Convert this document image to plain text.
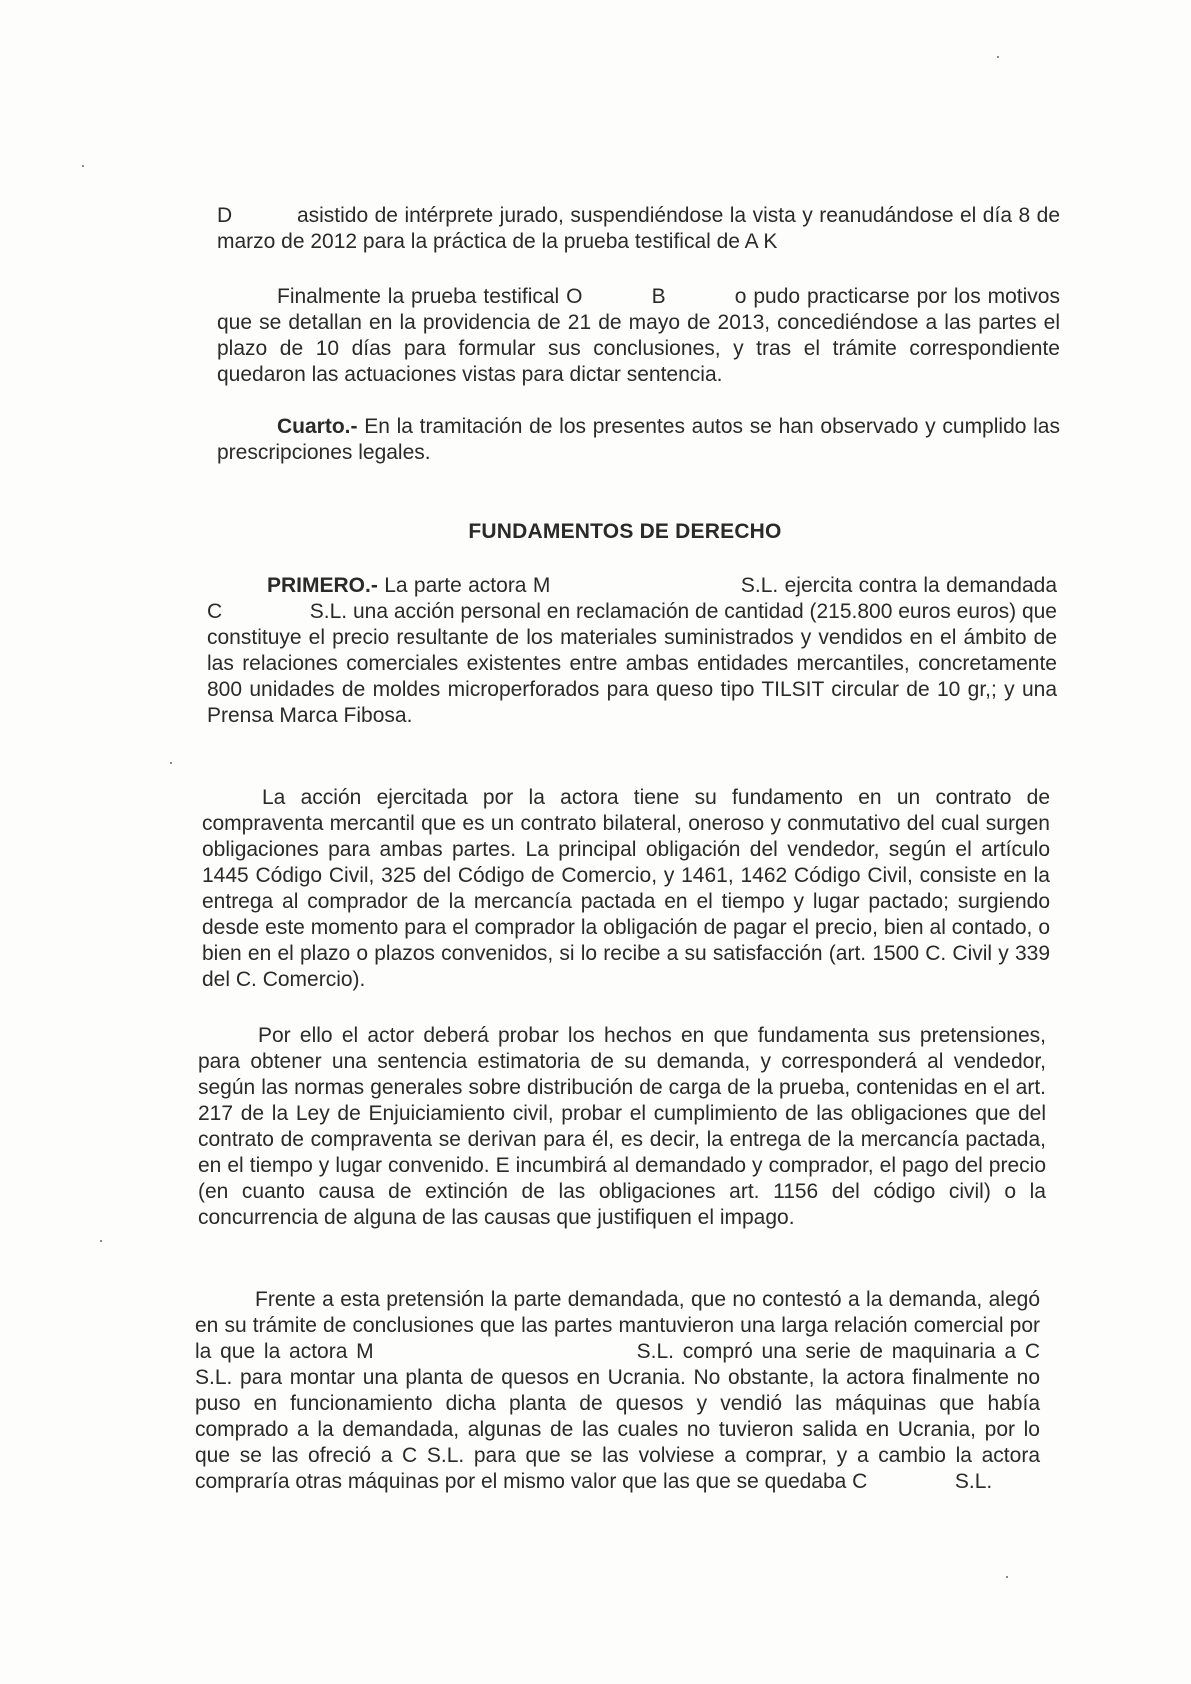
D          asistido de intérprete jurado, suspendiéndose la vista y reanudándose el día 8 de marzo de 2012 para la práctica de la prueba testifical de A K

Finalmente la prueba testifical O          B          o pudo practicarse por los motivos que se detallan en la providencia de 21 de mayo de 2013, concediéndose a las partes el plazo de 10 días para formular sus conclusiones, y tras el trámite correspondiente quedaron las actuaciones vistas para dictar sentencia.

Cuarto.- En la tramitación de los presentes autos se han observado y cumplido las prescripciones legales.

FUNDAMENTOS DE DERECHO

PRIMERO.- La parte actora M                              S.L. ejercita contra la demandada C               S.L. una acción personal en reclamación de cantidad (215.800 euros euros) que constituye el precio resultante de los materiales suministrados y vendidos en el ámbito de las relaciones comerciales existentes entre ambas entidades mercantiles, concretamente 800 unidades de moldes microperforados para queso tipo TILSIT circular de 10 gr,; y una Prensa Marca Fibosa.

La acción ejercitada por la actora tiene su fundamento en un contrato de compraventa mercantil que es un contrato bilateral, oneroso y conmutativo del cual surgen obligaciones para ambas partes. La principal obligación del vendedor, según el artículo 1445 Código Civil, 325 del Código de Comercio, y 1461, 1462 Código Civil, consiste en la entrega al comprador de la mercancía pactada en el tiempo y lugar pactado; surgiendo desde este momento para el comprador la obligación de pagar el precio, bien al contado, o bien en el plazo o plazos convenidos, si lo recibe a su satisfacción (art. 1500 C. Civil y 339 del C. Comercio).

Por ello el actor deberá probar los hechos en que fundamenta sus pretensiones, para obtener una sentencia estimatoria de su demanda, y corresponderá al vendedor, según las normas generales sobre distribución de carga de la prueba, contenidas en el art. 217 de la Ley de Enjuiciamiento civil, probar el cumplimiento de las obligaciones que del contrato de compraventa se derivan para él, es decir, la entrega de la mercancía pactada, en el tiempo y lugar convenido. E incumbirá al demandado y comprador, el pago del precio (en cuanto causa de extinción de las obligaciones art. 1156 del código civil) o la concurrencia de alguna de las causas que justifiquen el impago.

Frente a esta pretensión la parte demandada, que no contestó a la demanda, alegó en su trámite de conclusiones que las partes mantuvieron una larga relación comercial por la que la actora M                              S.L. compró una serie de maquinaria a C                S.L. para montar una planta de quesos en Ucrania. No obstante, la actora finalmente no puso en funcionamiento dicha planta de quesos y vendió las máquinas que había comprado a la demandada, algunas de las cuales no tuvieron salida en Ucrania, por lo que se las ofreció a C S.L. para que se las volviese a comprar, y a cambio la actora compraría otras máquinas por el mismo valor que las que se quedaba C               S.L.
